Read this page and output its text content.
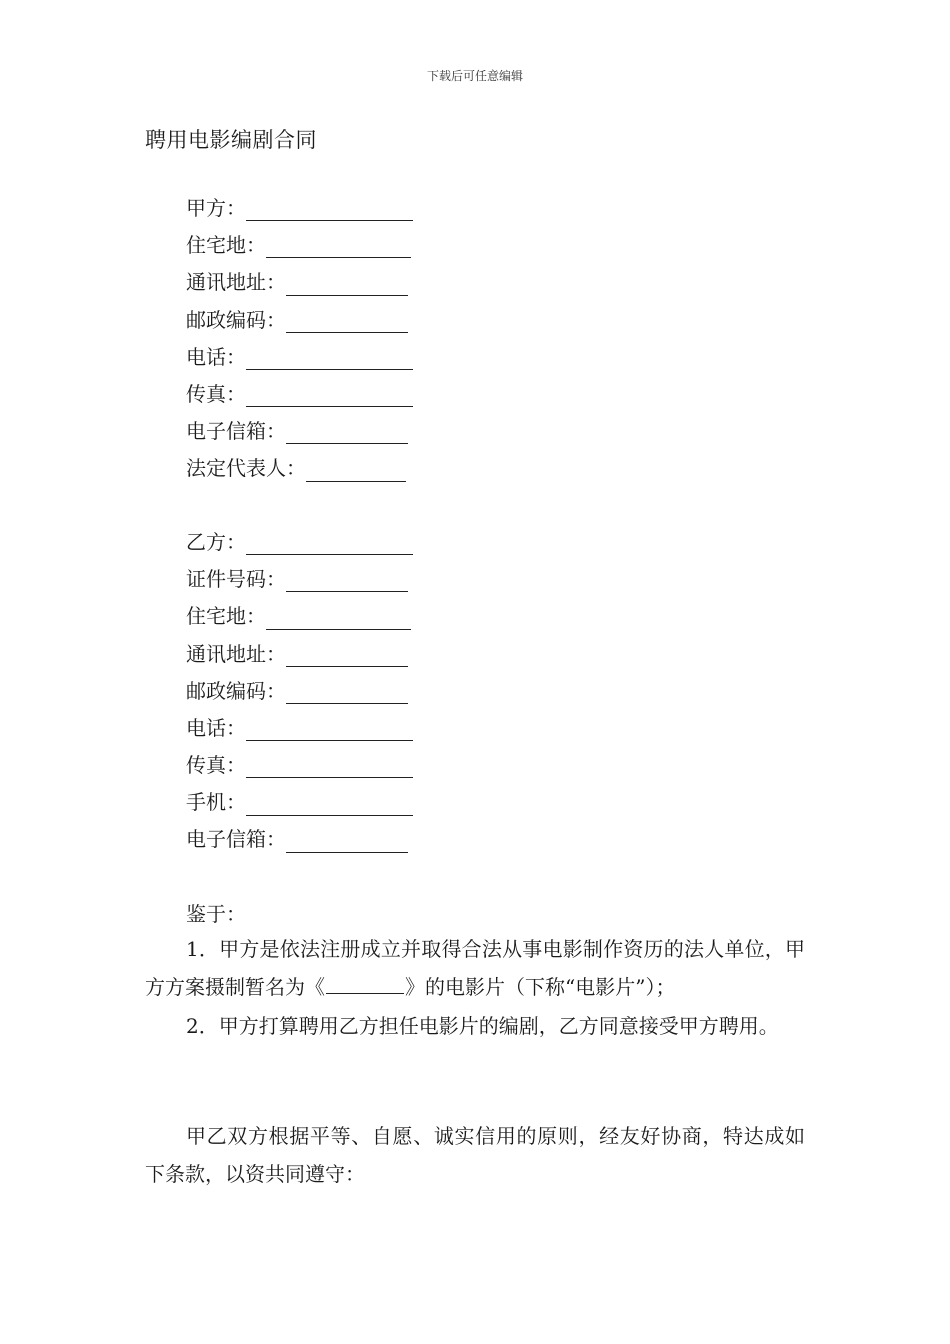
下载后可任意编辑
聘用电影编剧合同
甲方：
住宅地：
通讯地址：
邮政编码：
电话：
传真：
电子信箱：
法定代表人：
乙方：
证件号码：
住宅地：
通讯地址：
邮政编码：
电话：
传真：
手机：
电子信箱：
鉴于：
1．甲方是依法注册成立并取得合法从事电影制作资历的法人单位，甲方方案摄制暂名为《	》的电影片（下称“电影片”）；
2．甲方打算聘用乙方担任电影片的编剧，乙方同意接受甲方聘用。
甲乙双方根据平等、自愿、诚实信用的原则，经友好协商，特达成如下条款，以资共同遵守：
